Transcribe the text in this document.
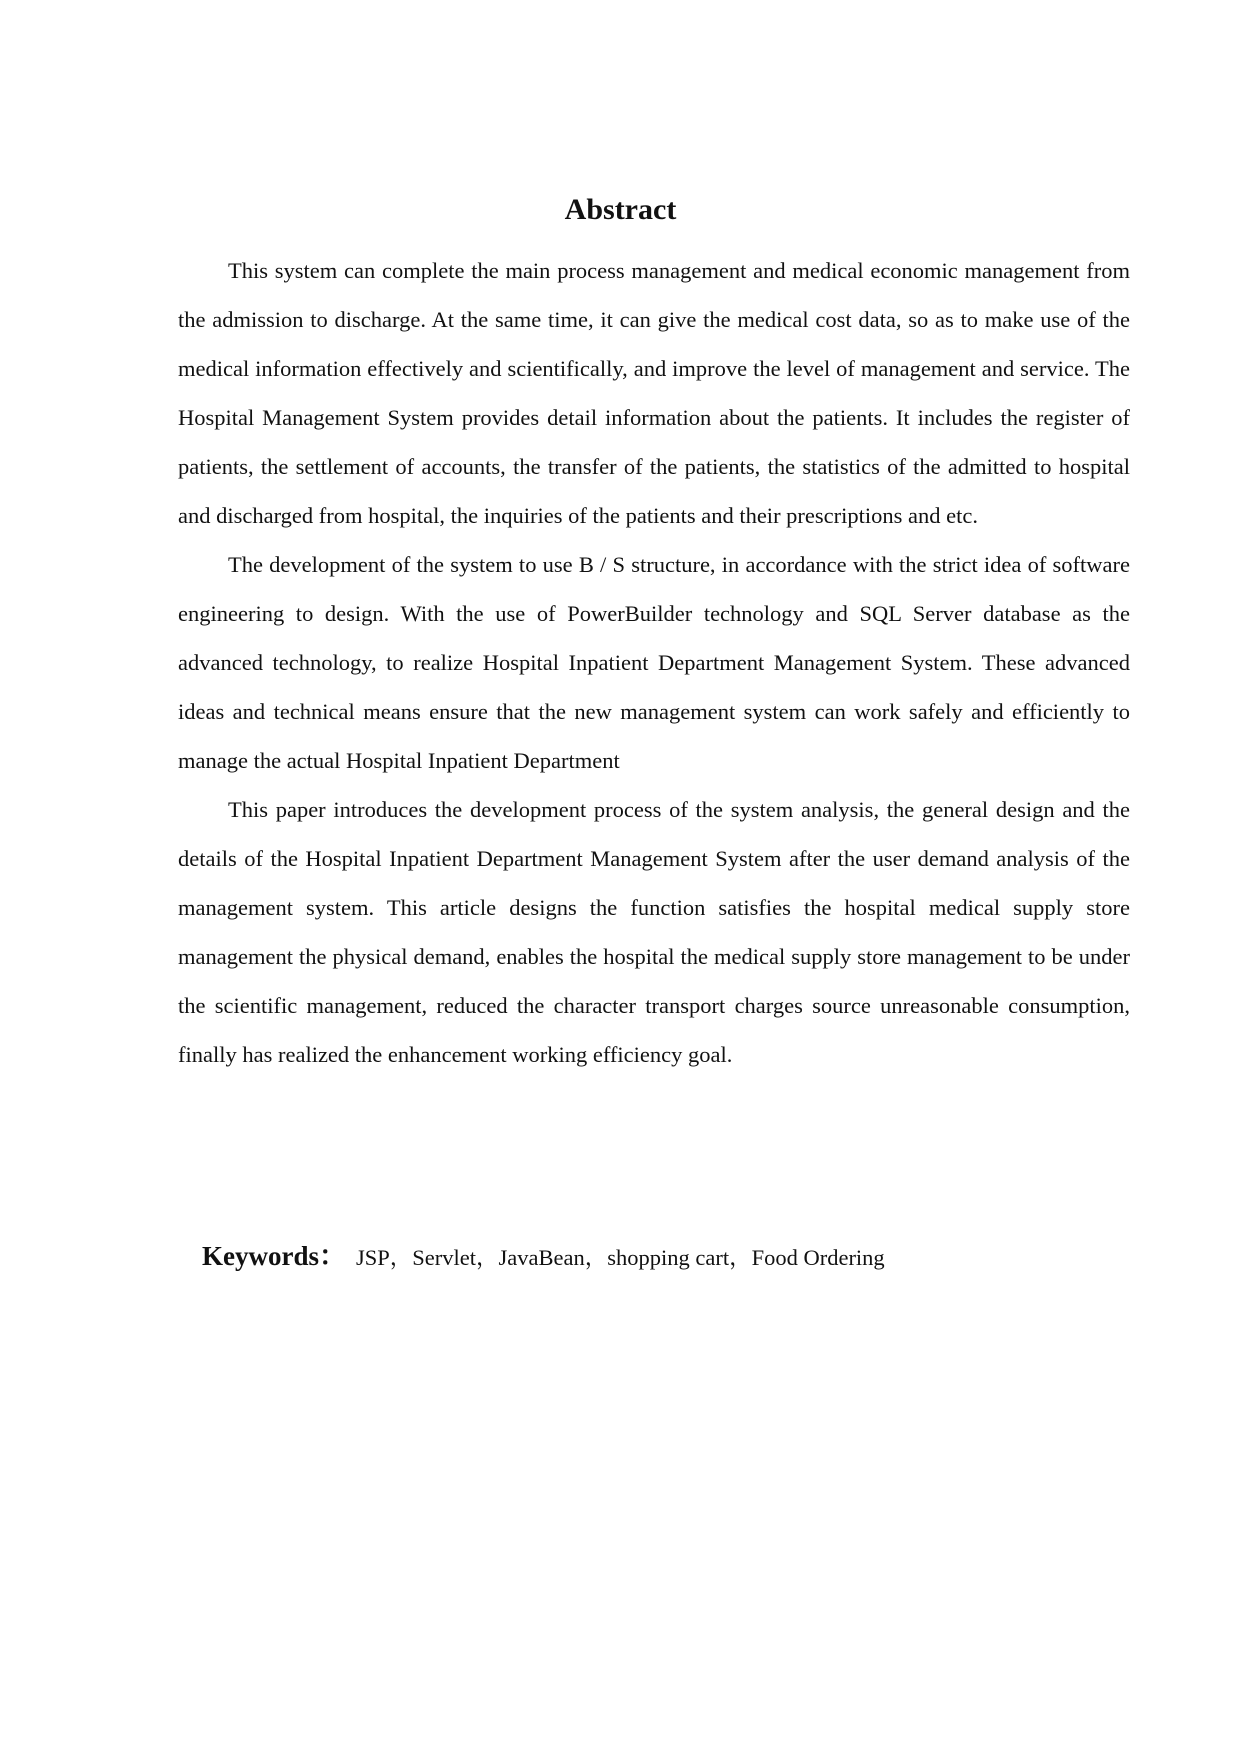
Abstract

This system can complete the main process management and medical economic management from the admission to discharge. At the same time, it can give the medical cost data, so as to make use of the medical information effectively and scientifically, and improve the level of management and service. The Hospital Management System provides detail information about the patients. It includes the register of patients, the settlement of accounts, the transfer of the patients, the statistics of the admitted to hospital and discharged from hospital, the inquiries of the patients and their prescriptions and etc.

The development of the system to use B / S structure, in accordance with the strict idea of software engineering to design. With the use of PowerBuilder technology and SQL Server database as the advanced technology, to realize Hospital Inpatient Department Management System. These advanced ideas and technical means ensure that the new management system can work safely and efficiently to manage the actual Hospital Inpatient Department

This paper introduces the development process of the system analysis, the general design and the details of the Hospital Inpatient Department Management System after the user demand analysis of the management system. This article designs the function satisfies the hospital medical supply store management the physical demand, enables the hospital the medical supply store management to be under the scientific management, reduced the character transport charges source unreasonable consumption, finally has realized the enhancement working efficiency goal.

Keywords： JSP，Servlet，JavaBean，shopping cart，Food Ordering
